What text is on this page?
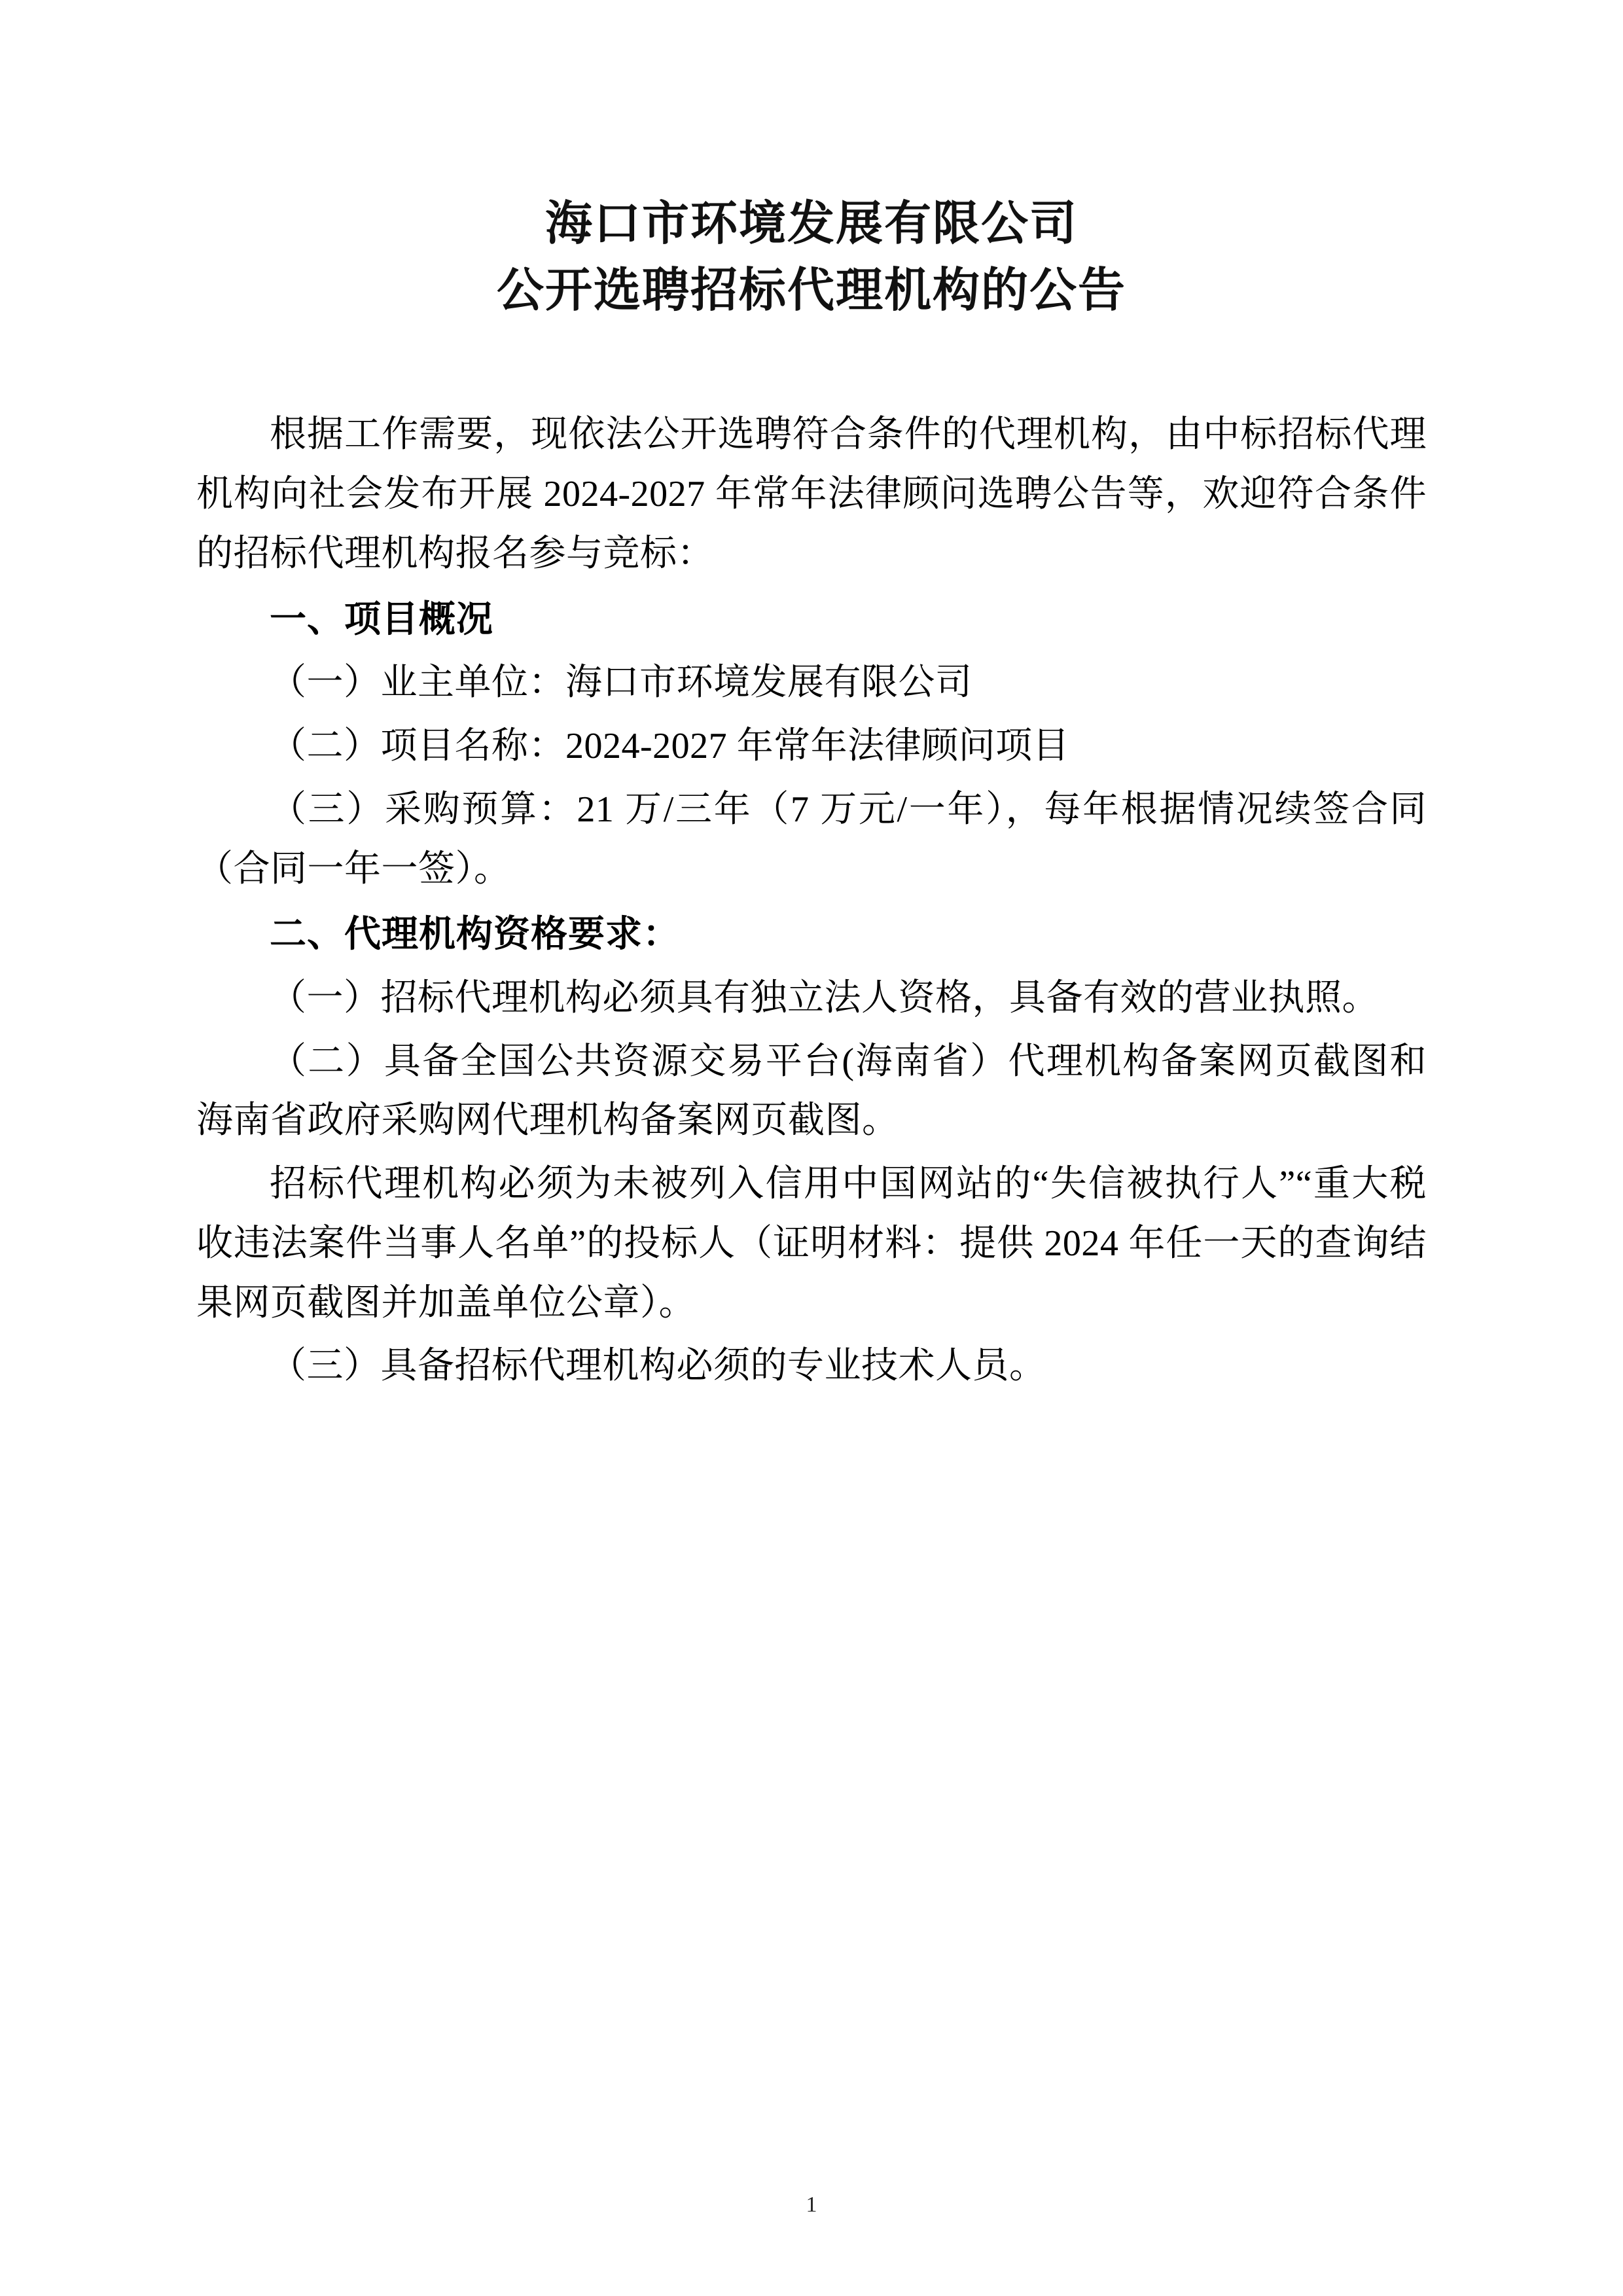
海口市环境发展有限公司
公开选聘招标代理机构的公告

根据工作需要，现依法公开选聘符合条件的代理机构，由中标招标代理机构向社会发布开展 2024-2027 年常年法律顾问选聘公告等，欢迎符合条件的招标代理机构报名参与竞标：

一、项目概况

（一）业主单位：海口市环境发展有限公司

（二）项目名称：2024-2027 年常年法律顾问项目

（三）采购预算：21 万/三年（7 万元/一年），每年根据情况续签合同（合同一年一签）。

二、代理机构资格要求：

（一）招标代理机构必须具有独立法人资格，具备有效的营业执照。

（二）具备全国公共资源交易平台(海南省）代理机构备案网页截图和海南省政府采购网代理机构备案网页截图。

招标代理机构必须为未被列入信用中国网站的“失信被执行人”“重大税收违法案件当事人名单”的投标人（证明材料：提供 2024 年任一天的查询结果网页截图并加盖单位公章）。

（三）具备招标代理机构必须的专业技术人员。

1
